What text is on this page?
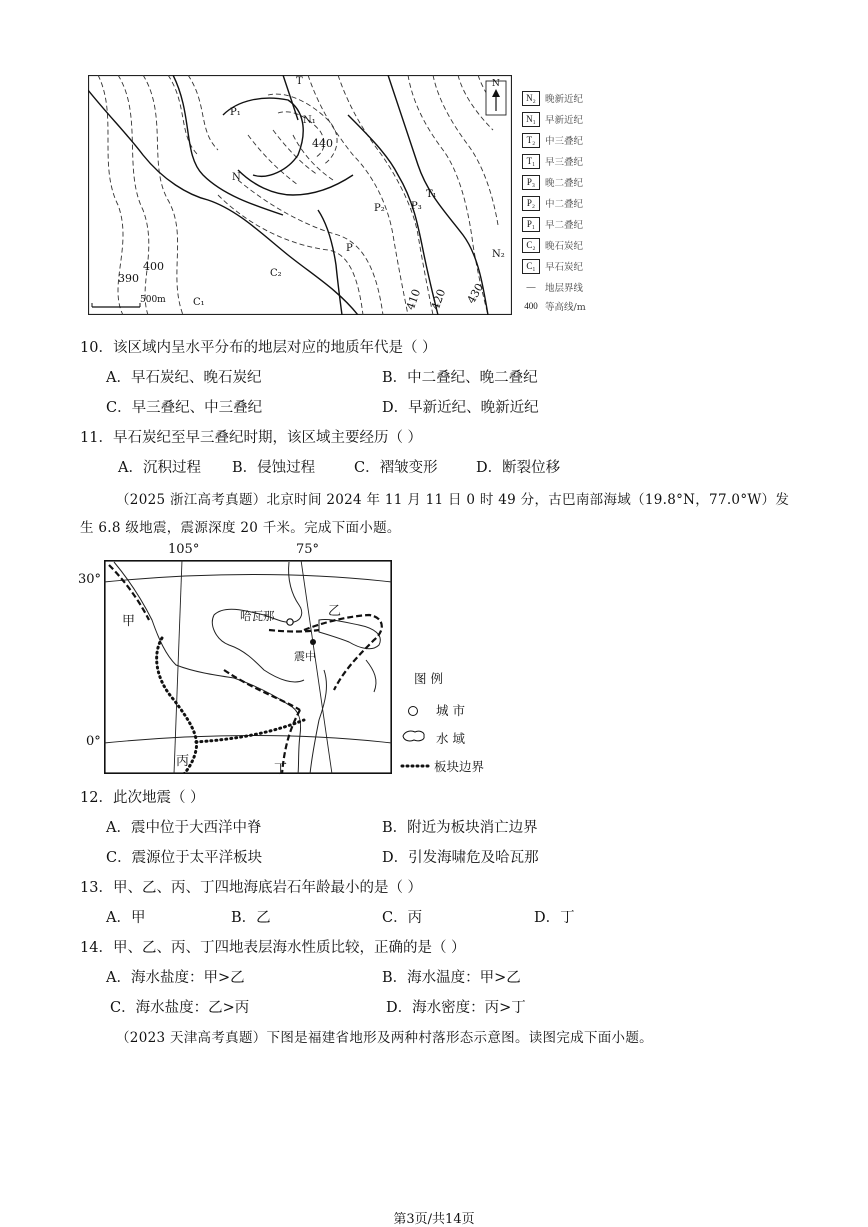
N
500m
440
400
390
410 420 430
P₁
P₂	P₃
N₁
N₂
T₁
T
C₁
C₂
N
P
N₂ 晚新近纪
N₁ 早新近纪
T₂	中三叠纪
T₁	早三叠纪
P₃	晚二叠纪
P₂	中二叠纪
P₁	早二叠纪
C₂ 晚石炭纪
C₁ 早石炭纪
—	地层界线
400 等高线/m
10．该区域内呈水平分布的地层对应的地质年代是（ ）
A．早石炭纪、晚石炭纪	B．中二叠纪、晚二叠纪
C．早三叠纪、中三叠纪	D．早新近纪、晚新近纪
11．早石炭纪至早三叠纪时期，该区域主要经历（ ）
A．沉积过程 B．侵蚀过程	C．褶皱变形	D．断裂位移
（2025 浙江高考真题）北京时间 2024 年 11 月 11 日 0 时 49 分，古巴南部海域（19.8°N，77.0°W）发
生 6.8 级地震，震源深度 20 千米。完成下面小题。
甲
乙
丙
丁
哈瓦那
震中
105°	75°
30°
0°
图 例
城 市
水 域
板块边界
12．此次地震（ ）
A．震中位于大西洋中脊	B．附近为板块消亡边界
C．震源位于太平洋板块	D．引发海啸危及哈瓦那
13．甲、乙、丙、丁四地海底岩石年龄最小的是（ ）
A．甲	B．乙	C．丙	D．丁
14．甲、乙、丙、丁四地表层海水性质比较，正确的是（ ）
A．海水盐度：甲>乙	B．海水温度：甲>乙
C．海水盐度：乙>丙	D．海水密度：丙>丁
（2023 天津高考真题）下图是福建省地形及两种村落形态示意图。读图完成下面小题。
第3页/共14页
